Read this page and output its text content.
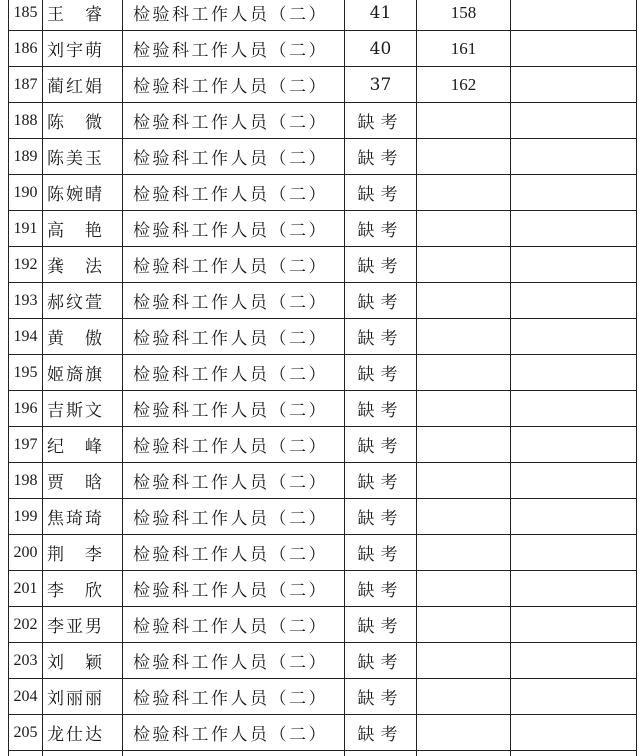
185	王　睿	检验科工作人员（二）	41	158	
186	刘宇萌	检验科工作人员（二）	40	161	
187	蔺红娟	检验科工作人员（二）	37	162	
188	陈　微	检验科工作人员（二）	缺考		
189	陈美玉	检验科工作人员（二）	缺考		
190	陈婉晴	检验科工作人员（二）	缺考		
191	高　艳	检验科工作人员（二）	缺考		
192	龚　法	检验科工作人员（二）	缺考		
193	郝纹萱	检验科工作人员（二）	缺考		
194	黄　傲	检验科工作人员（二）	缺考		
195	姬旖旗	检验科工作人员（二）	缺考		
196	吉斯文	检验科工作人员（二）	缺考		
197	纪　峰	检验科工作人员（二）	缺考		
198	贾　晗	检验科工作人员（二）	缺考		
199	焦琦琦	检验科工作人员（二）	缺考		
200	荆　李	检验科工作人员（二）	缺考		
201	李　欣	检验科工作人员（二）	缺考		
202	李亚男	检验科工作人员（二）	缺考		
203	刘　颖	检验科工作人员（二）	缺考		
204	刘丽丽	检验科工作人员（二）	缺考		
205	龙仕达	检验科工作人员（二）	缺考		
